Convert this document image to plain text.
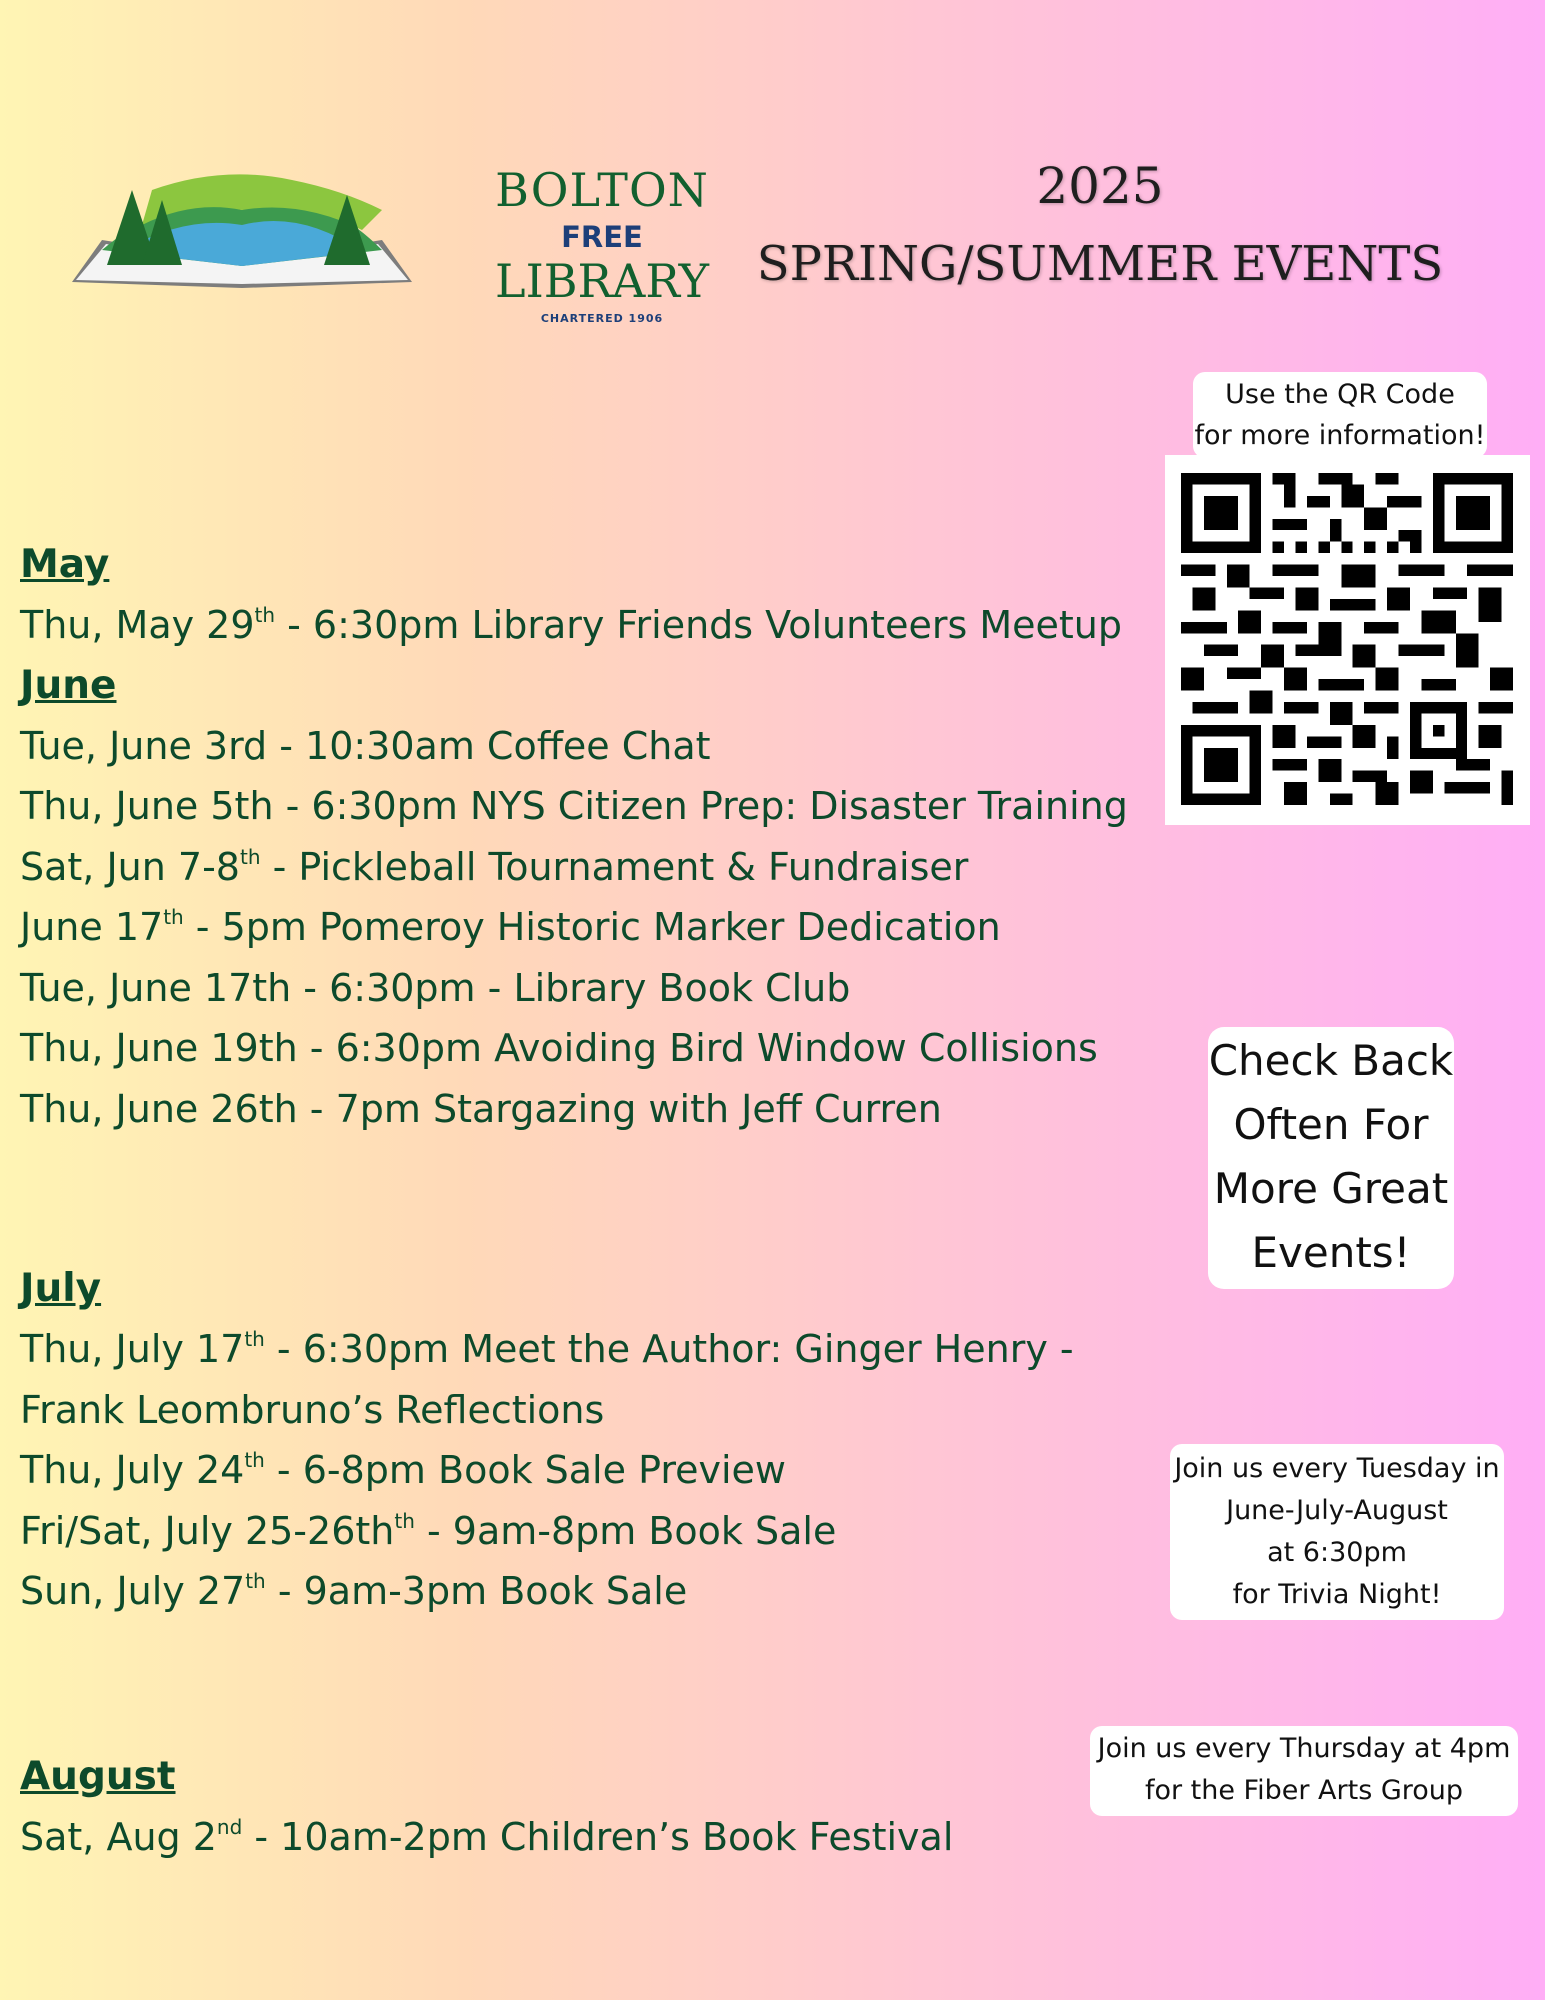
BOLTON
FREE
LIBRARY
CHARTERED 1906
2025
SPRING/SUMMER EVENTS
May
Thu, May 29th - 6:30pm Library Friends Volunteers Meetup
June
Tue, June 3rd - 10:30am Coffee Chat
Thu, June 5th - 6:30pm NYS Citizen Prep: Disaster Training
Sat, Jun 7-8th - Pickleball Tournament & Fundraiser
June 17th - 5pm Pomeroy Historic Marker Dedication
Tue, June 17th - 6:30pm - Library Book Club
Thu, June 19th - 6:30pm Avoiding Bird Window Collisions
Thu, June 26th - 7pm Stargazing with Jeff Curren
July
Thu, July 17th - 6:30pm Meet the Author: Ginger Henry -
Frank Leombruno’s Reflections
Thu, July 24th - 6-8pm Book Sale Preview
Fri/Sat, July $25-26th^{th} - 9am-8pm$ Book Sale
Sun, July 27th - 9am-3pm Book Sale
August
Sat, Aug 2nd - 10am-2pm Children’s Book Festival
Use the QR Code
for more information!
Check Back
Often For
More Great
Events!
Join us every Tuesday in
June-July-August
at 6:30pm
for Trivia Night!
Join us every Thursday at 4pm
for the Fiber Arts Group
